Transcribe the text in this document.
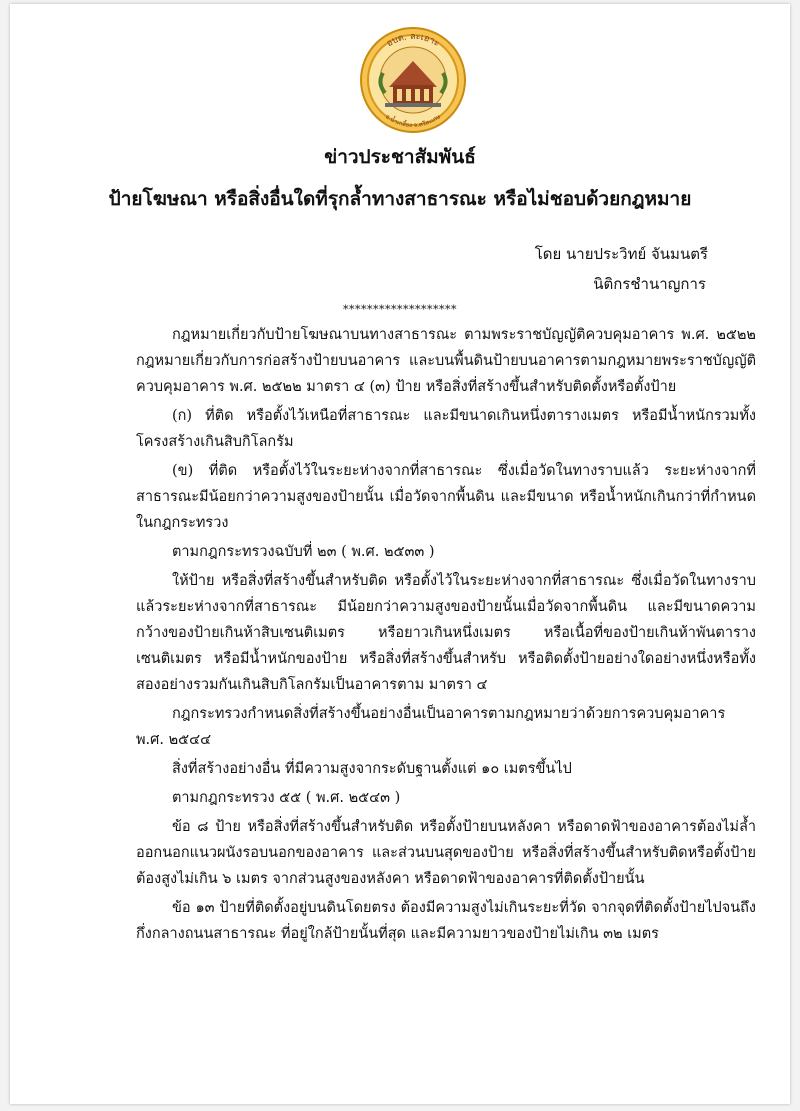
อบต. ละเอาะ
อ.น้ำเกลี้ยง จ.ศรีสะเกษ
ข่าวประชาสัมพันธ์
ป้ายโฆษณา หรือสิ่งอื่นใดที่รุกล้ำทางสาธารณะ หรือไม่ชอบด้วยกฎหมาย
โดย นายประวิทย์ จันมนตรี
นิติกรชำนาญการ
*******************

กฎหมายเกี่ยวกับป้ายโฆษณาบนทางสาธารณะ ตามพระราชบัญญัติควบคุมอาคาร พ.ศ. ๒๕๒๒ กฎหมายเกี่ยวกับการก่อสร้างป้ายบนอาคาร และบนพื้นดินป้ายบนอาคารตามกฎหมายพระราชบัญญัติควบคุมอาคาร พ.ศ. ๒๕๒๒ มาตรา ๔ (๓) ป้าย หรือสิ่งที่สร้างขึ้นสำหรับติดตั้งหรือตั้งป้าย

(ก) ที่ติด หรือตั้งไว้เหนือที่สาธารณะ และมีขนาดเกินหนึ่งตารางเมตร หรือมีน้ำหนักรวมทั้งโครงสร้างเกินสิบกิโลกรัม

(ข) ที่ติด หรือตั้งไว้ในระยะห่างจากที่สาธารณะ ซึ่งเมื่อวัดในทางราบแล้ว ระยะห่างจากที่สาธารณะมีน้อยกว่าความสูงของป้ายนั้น เมื่อวัดจากพื้นดิน และมีขนาด หรือน้ำหนักเกินกว่าที่กำหนดในกฎกระทรวง

ตามกฎกระทรวงฉบับที่ ๒๓ ( พ.ศ. ๒๕๓๓ )

ให้ป้าย หรือสิ่งที่สร้างขึ้นสำหรับติด หรือตั้งไว้ในระยะห่างจากที่สาธารณะ ซึ่งเมื่อวัดในทางราบแล้วระยะห่างจากที่สาธารณะ มีน้อยกว่าความสูงของป้ายนั้นเมื่อวัดจากพื้นดิน และมีขนาดความกว้างของป้ายเกินห้าสิบเซนติเมตร หรือยาวเกินหนึ่งเมตร หรือเนื้อที่ของป้ายเกินห้าพันตารางเซนติเมตร หรือมีน้ำหนักของป้าย หรือสิ่งที่สร้างขึ้นสำหรับ หรือติดตั้งป้ายอย่างใดอย่างหนึ่งหรือทั้งสองอย่างรวมกันเกินสิบกิโลกรัมเป็นอาคารตาม มาตรา ๔

กฎกระทรวงกำหนดสิ่งที่สร้างขึ้นอย่างอื่นเป็นอาคารตามกฎหมายว่าด้วยการควบคุมอาคาร พ.ศ. ๒๕๔๔

สิ่งที่สร้างอย่างอื่น ที่มีความสูงจากระดับฐานตั้งแต่ ๑๐ เมตรขึ้นไป

ตามกฎกระทรวง ๕๕ ( พ.ศ. ๒๕๔๓ )

ข้อ ๘ ป้าย หรือสิ่งที่สร้างขึ้นสำหรับติด หรือตั้งป้ายบนหลังคา หรือดาดฟ้าของอาคารต้องไม่ล้ำออกนอกแนวผนังรอบนอกของอาคาร และส่วนบนสุดของป้าย หรือสิ่งที่สร้างขึ้นสำหรับติดหรือตั้งป้ายต้องสูงไม่เกิน ๖ เมตร จากส่วนสูงของหลังคา หรือดาดฟ้าของอาคารที่ติดตั้งป้ายนั้น

ข้อ ๑๓ ป้ายที่ติดตั้งอยู่บนดินโดยตรง ต้องมีความสูงไม่เกินระยะที่วัด จากจุดที่ติดตั้งป้ายไปจนถึงกึ่งกลางถนนสาธารณะ ที่อยู่ใกล้ป้ายนั้นที่สุด และมีความยาวของป้ายไม่เกิน ๓๒ เมตร
